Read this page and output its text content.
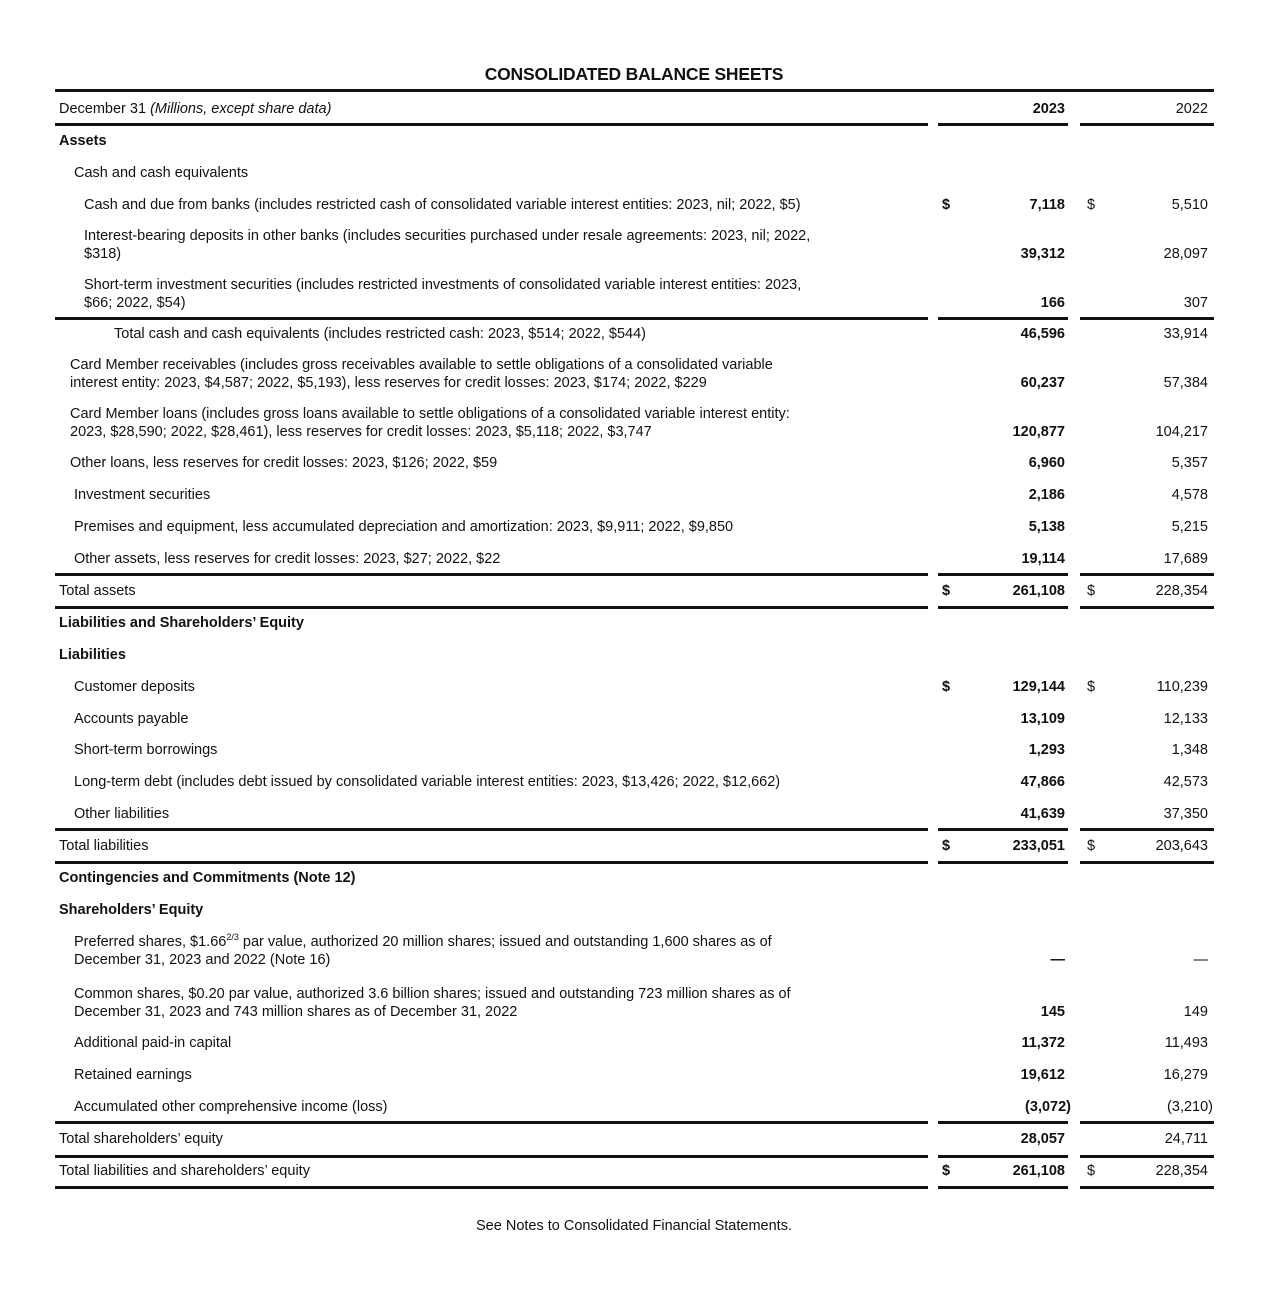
CONSOLIDATED BALANCE SHEETS
December 31 (Millions, except share data)	2023	2022
Assets
Cash and cash equivalents
Cash and due from banks (includes restricted cash of consolidated variable interest entities: 2023, nil; 2022, $5)	$	7,118 $	5,510
Interest-bearing deposits in other banks (includes securities purchased under resale agreements: 2023, nil; 2022,
$318)	39,312	28,097
Short-term investment securities (includes restricted investments of consolidated variable interest entities: 2023,
$66; 2022, $54)	166	307
Total cash and cash equivalents (includes restricted cash: 2023, $514; 2022, $544)	46,596	33,914
Card Member receivables (includes gross receivables available to settle obligations of a consolidated variable
interest entity: 2023, $4,587; 2022, $5,193), less reserves for credit losses: 2023, $174; 2022, $229	60,237	57,384
Card Member loans (includes gross loans available to settle obligations of a consolidated variable interest entity:
2023, $28,590; 2022, $28,461), less reserves for credit losses: 2023, $5,118; 2022, $3,747	120,877	104,217
Other loans, less reserves for credit losses: 2023, $126; 2022, $59	6,960	5,357
Investment securities	2,186	4,578
Premises and equipment, less accumulated depreciation and amortization: 2023, $9,911; 2022, $9,850	5,138	5,215
Other assets, less reserves for credit losses: 2023, $27; 2022, $22	19,114	17,689
Total assets	$	261,108 $	228,354
Liabilities and Shareholders’ Equity
Liabilities
Customer deposits	$	129,144 $	110,239
Accounts payable	13,109	12,133
Short-term borrowings	1,293	1,348
Long-term debt (includes debt issued by consolidated variable interest entities: 2023, $13,426; 2022, $12,662)	47,866	42,573
Other liabilities	41,639	37,350
Total liabilities	$	233,051 $	203,643
Contingencies and Commitments (Note 12)
Shareholders’ Equity
Preferred shares, $\$1.66^{2/3}$ par value, authorized 20 million shares; issued and outstanding 1,600 shares as of
December 31, 2023 and 2022 (Note 16)	—	—
Common shares, $0.20 par value, authorized 3.6 billion shares; issued and outstanding 723 million shares as of
December 31, 2023 and 743 million shares as of December 31, 2022	145	149
Additional paid-in capital	11,372	11,493
Retained earnings	19,612	16,279
Accumulated other comprehensive income (loss)	(3,072)	(3,210)
Total shareholders’ equity	28,057	24,711
Total liabilities and shareholders’ equity	$	261,108 $	228,354
See Notes to Consolidated Financial Statements.
